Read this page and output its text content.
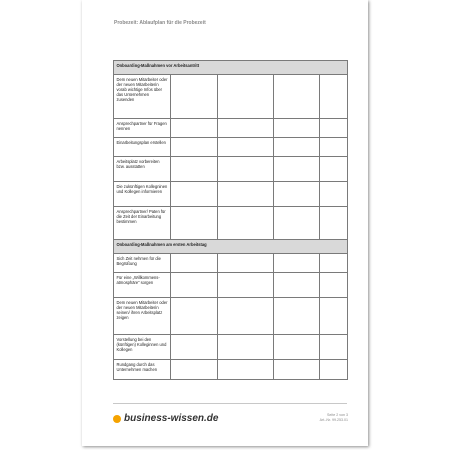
Probezeit: Ablaufplan für die Probezeit
Onboarding-Maßnahmen vor Arbeitsantritt				
Dem neuen Mitarbeiter oder der neuen Mitarbeiterin vorab wichtige Infos über das Unternehmen zusenden				
Ansprechpartner für Fragen nennen				
Einarbeitungsplan erstellen				
Arbeitsplatz vorbereiten bzw. ausstatten				
Die zukünftigen Kollegninen und Kollegen informieren				
Ansprechpartner/ Paten für die Zeit der Einarbeitung bestimmen				
Onboarding-Maßnahmen am ersten Arbeitstag				
Sich Zeit nehmen für die Begrüßung				
Für eine „Willkommens-atmosphäre“ sorgen				
Dem neuen Mitarbeiter oder der neuen Mitarbeiterin seinen/ ihren Arbeitsplatz zeigen				
Vorstellung bei den (künftigen) Kolleginnen und Kollegen				
Rundgang durch das Unternehmen machen				
business-wissen.de	Seite 2 von 3
Art.-Nr. 99.253.01
